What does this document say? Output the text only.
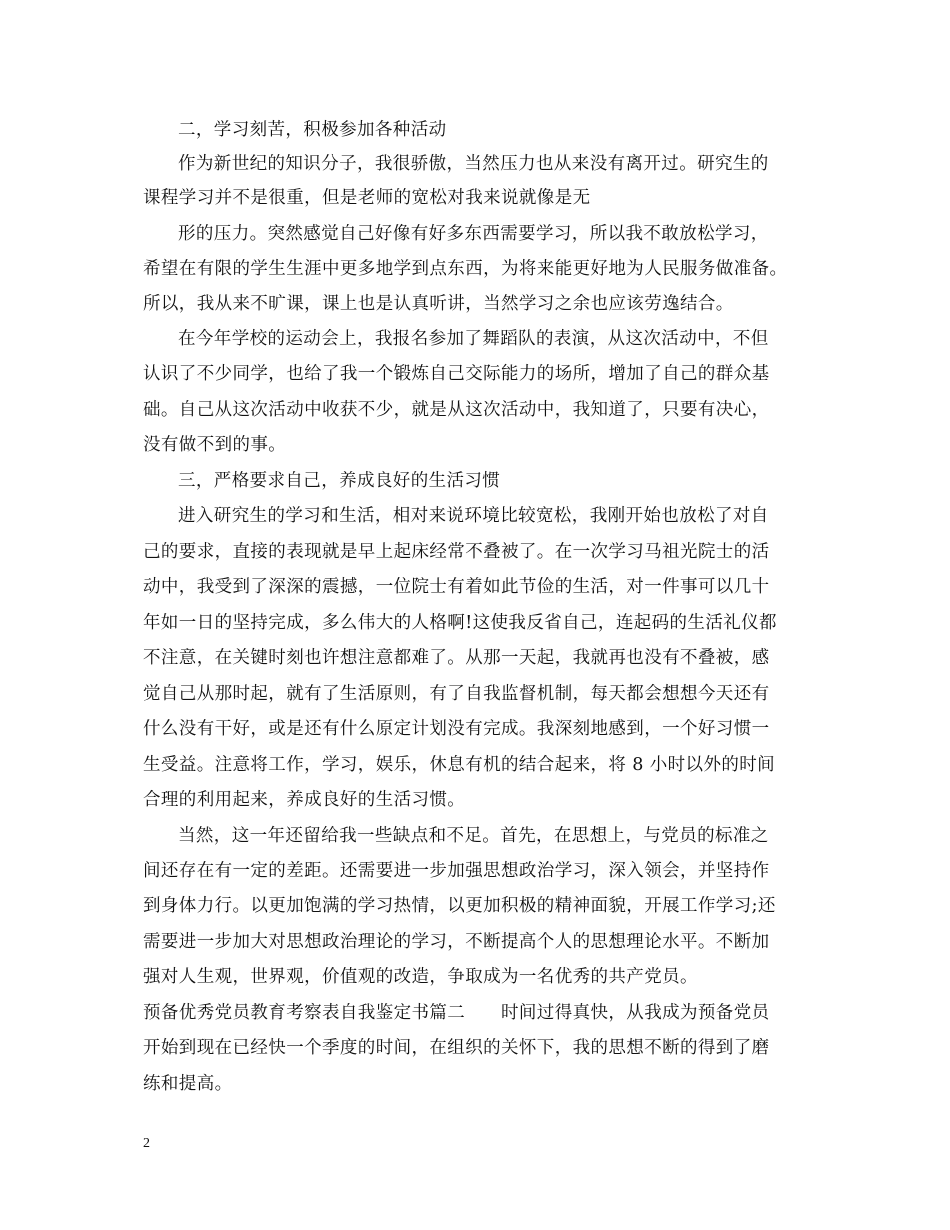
二，学习刻苦，积极参加各种活动
作为新世纪的知识分子，我很骄傲，当然压力也从来没有离开过。研究生的
课程学习并不是很重，但是老师的宽松对我来说就像是无
形的压力。突然感觉自己好像有好多东西需要学习，所以我不敢放松学习，
希望在有限的学生生涯中更多地学到点东西，为将来能更好地为人民服务做准备。
所以，我从来不旷课，课上也是认真听讲，当然学习之余也应该劳逸结合。
在今年学校的运动会上，我报名参加了舞蹈队的表演，从这次活动中，不但
认识了不少同学，也给了我一个锻炼自己交际能力的场所，增加了自己的群众基
础。自己从这次活动中收获不少，就是从这次活动中，我知道了，只要有决心，
没有做不到的事。
三，严格要求自己，养成良好的生活习惯
进入研究生的学习和生活，相对来说环境比较宽松，我刚开始也放松了对自
己的要求，直接的表现就是早上起床经常不叠被了。在一次学习马祖光院士的活
动中，我受到了深深的震撼，一位院士有着如此节俭的生活，对一件事可以几十
年如一日的坚持完成，多么伟大的人格啊!这使我反省自己，连起码的生活礼仪都
不注意，在关键时刻也许想注意都难了。从那一天起，我就再也没有不叠被，感
觉自己从那时起，就有了生活原则，有了自我监督机制，每天都会想想今天还有
什么没有干好，或是还有什么原定计划没有完成。我深刻地感到，一个好习惯一
生受益。注意将工作，学习，娱乐，休息有机的结合起来，将 8 小时以外的时间
合理的利用起来，养成良好的生活习惯。
当然，这一年还留给我一些缺点和不足。首先，在思想上，与党员的标准之
间还存在有一定的差距。还需要进一步加强思想政治学习，深入领会，并坚持作
到身体力行。以更加饱满的学习热情，以更加积极的精神面貌，开展工作学习;还
需要进一步加大对思想政治理论的学习，不断提高个人的思想理论水平。不断加
强对人生观，世界观，价值观的改造，争取成为一名优秀的共产党员。
预备优秀党员教育考察表自我鉴定书篇二　　时间过得真快，从我成为预备党员
开始到现在已经快一个季度的时间，在组织的关怀下，我的思想不断的得到了磨
练和提高。
2
